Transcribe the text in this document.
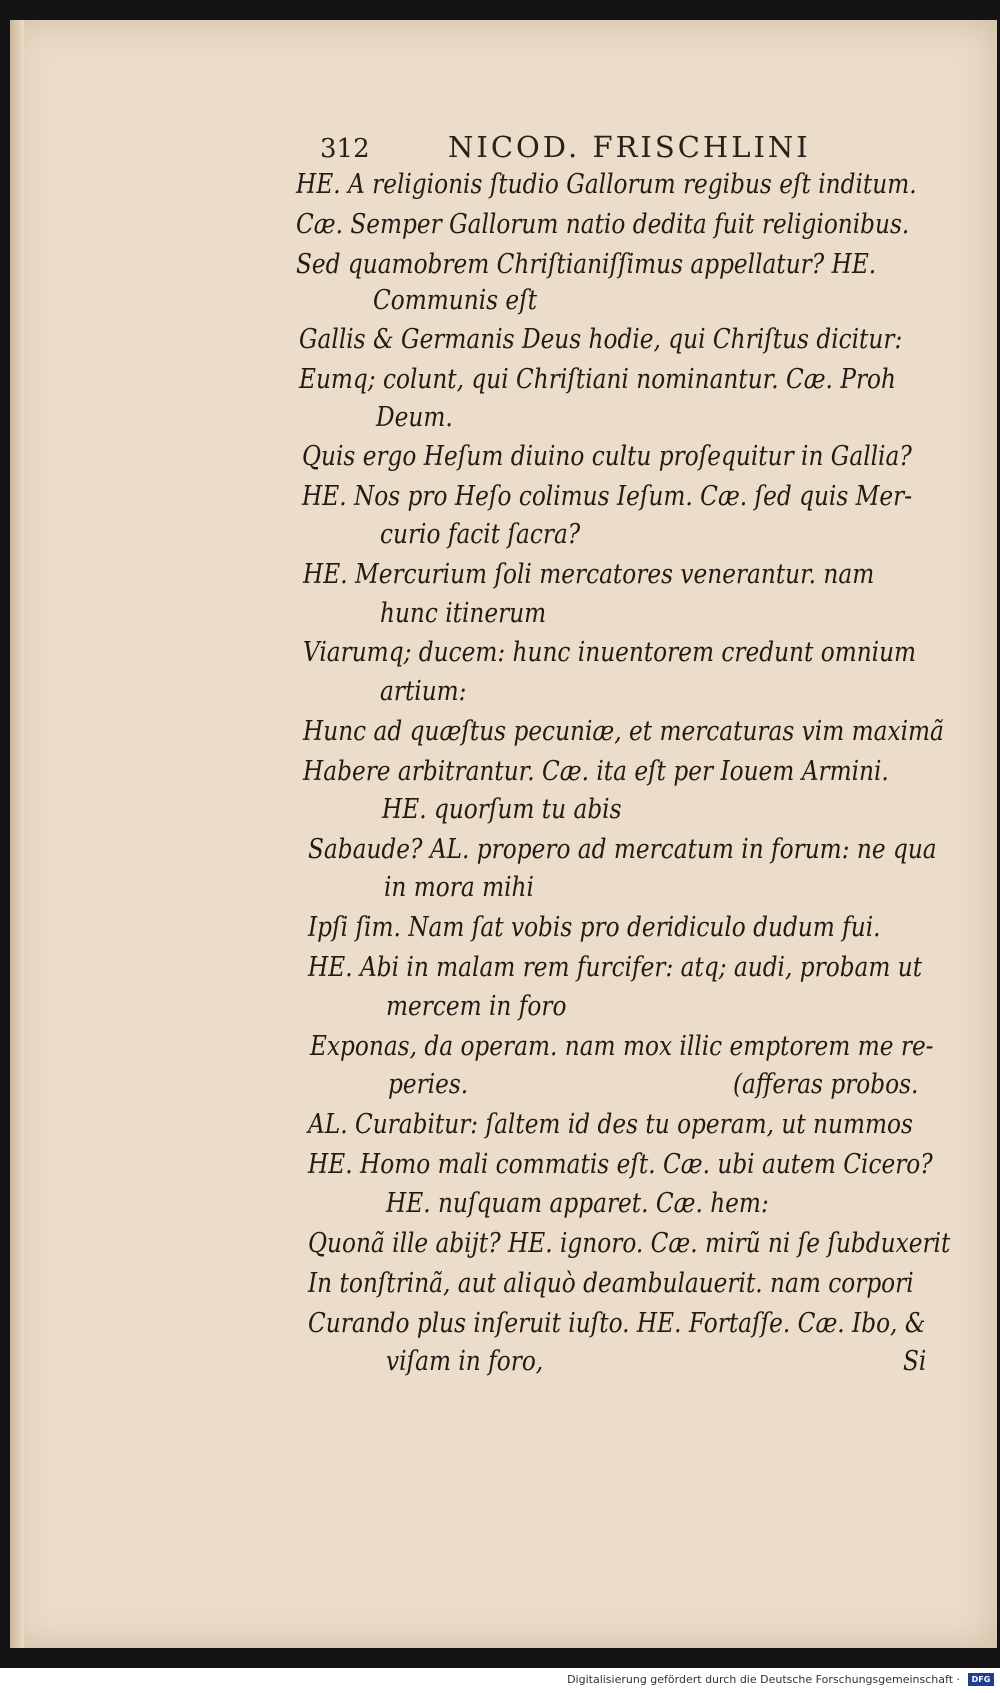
312	NICOD. FRISCHLINI
HE. A religionis ſtudio Gallorum regibus eſt inditum.
Cæ. Semper Gallorum natio dedita fuit religionibus.
Sed quamobrem Chriſtianiſſimus appellatur? HE.
Communis eſt
Gallis & Germanis Deus hodie, qui Chriſtus dicitur:
Eumq; colunt, qui Chriſtiani nominantur. Cæ. Proh
Deum.
Quis ergo Heſum diuino cultu proſequitur in Gallia?
HE. Nos pro Heſo colimus Ieſum. Cæ. ſed quis Mer-
curio facit ſacra?
HE. Mercurium ſoli mercatores venerantur. nam
hunc itinerum
Viarumq; ducem: hunc inuentorem credunt omnium
artium:
Hunc ad quæſtus pecuniæ, et mercaturas vim maximã
Habere arbitrantur. Cæ. ita eſt per Iouem Armini.
HE. quorſum tu abis
Sabaude? AL. propero ad mercatum in forum: ne qua
in mora mihi
Ipſi ſim. Nam ſat vobis pro deridiculo dudum fui.
HE. Abi in malam rem furcifer: atq; audi, probam ut
mercem in foro
Exponas, da operam. nam mox illic emptorem me re-
peries.	(afferas probos.
AL. Curabitur: ſaltem id des tu operam, ut nummos
HE. Homo mali commatis eſt. Cæ. ubi autem Cicero?
HE. nuſquam apparet. Cæ. hem:
Quonã ille abijt? HE. ignoro. Cæ. mirũ ni ſe ſubduxerit
In tonſtrinã, aut aliquò deambulauerit. nam corpori
Curando plus inſeruit iuſto. HE. Fortaſſe. Cæ. Ibo, &
viſam in foro,	Si
Digitalisierung gefördert durch die Deutsche Forschungsgemeinschaft ·	DFG
